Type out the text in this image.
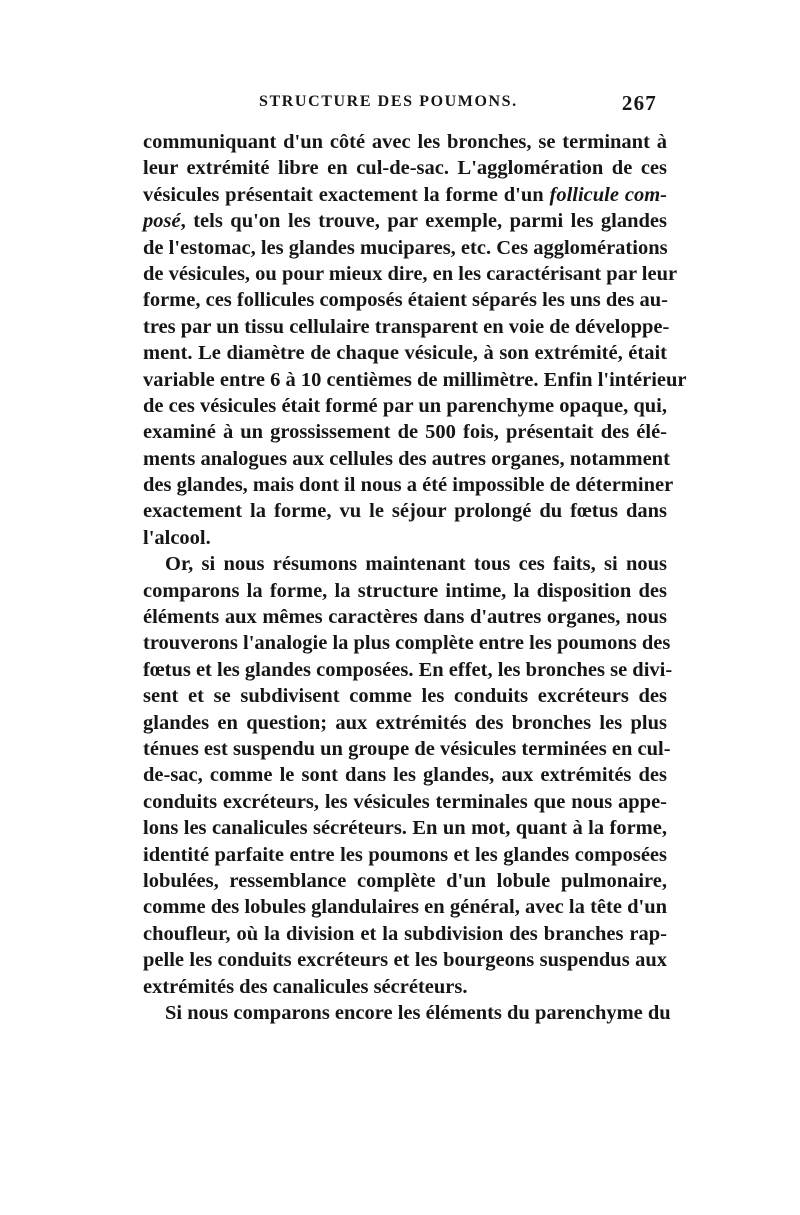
STRUCTURE DES POUMONS.	267
communiquant d'un côté avec les bronches, se terminant à
leur extrémité libre en cul-de-sac. L'agglomération de ces
vésicules présentait exactement la forme d'un follicule com-
posé, tels qu'on les trouve, par exemple, parmi les glandes
de l'estomac, les glandes mucipares, etc. Ces agglomérations
de vésicules, ou pour mieux dire, en les caractérisant par leur
forme, ces follicules composés étaient séparés les uns des au-
tres par un tissu cellulaire transparent en voie de développe-
ment. Le diamètre de chaque vésicule, à son extrémité, était
variable entre 6 à 10 centièmes de millimètre. Enfin l'intérieur
de ces vésicules était formé par un parenchyme opaque, qui,
examiné à un grossissement de 500 fois, présentait des élé-
ments analogues aux cellules des autres organes, notamment
des glandes, mais dont il nous a été impossible de déterminer
exactement la forme, vu le séjour prolongé du fœtus dans
l'alcool.
Or, si nous résumons maintenant tous ces faits, si nous
comparons la forme, la structure intime, la disposition des
éléments aux mêmes caractères dans d'autres organes, nous
trouverons l'analogie la plus complète entre les poumons des
fœtus et les glandes composées. En effet, les bronches se divi-
sent et se subdivisent comme les conduits excréteurs des
glandes en question; aux extrémités des bronches les plus
ténues est suspendu un groupe de vésicules terminées en cul-
de-sac, comme le sont dans les glandes, aux extrémités des
conduits excréteurs, les vésicules terminales que nous appe-
lons les canalicules sécréteurs. En un mot, quant à la forme,
identité parfaite entre les poumons et les glandes composées
lobulées, ressemblance complète d'un lobule pulmonaire,
comme des lobules glandulaires en général, avec la tête d'un
choufleur, où la division et la subdivision des branches rap-
pelle les conduits excréteurs et les bourgeons suspendus aux
extrémités des canalicules sécréteurs.
Si nous comparons encore les éléments du parenchyme du
